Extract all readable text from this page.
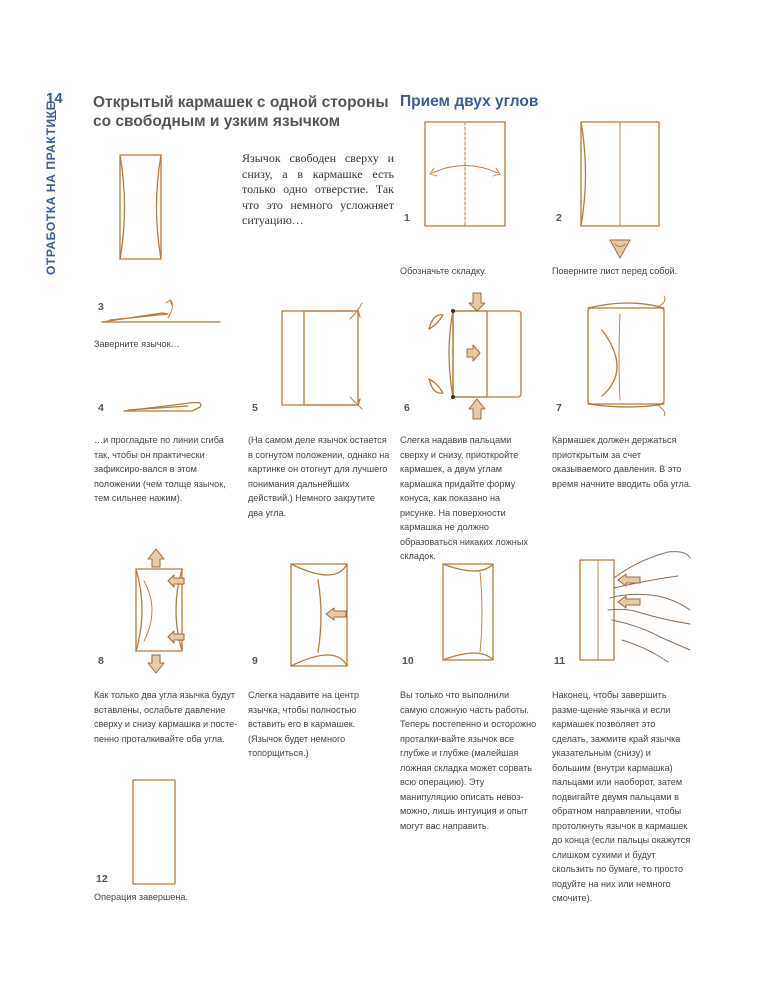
14
ОТРАБОТКА НА ПРАКТИКЕ Открытый кармашек с одной стороны со свободным и узким язычком
Прием двух углов
Язычок свободен сверху и снизу, а в кармашке есть только одно отверстие. Так что это немного усложняет ситуацию…	1	2
3
4	5	6	7
8	9	10	11
12
Обозначьте складку.	Поверните лист перед собой.
Заверните язычок…
…и прогладьте по линии сгиба так, чтобы он практически зафиксиро-вался в этом положении (чем толще язычок, тем сильнее нажим).
(На самом деле язычок остается в согнутом положении, однако на картинке он отогнут для лучшего понимания дальнейших действий.) Немного закрутите два угла.
Слегка надавив пальцами сверху и снизу, приоткройте кармашек, а двум углам кармашка придайте форму конуса, как показано на рисунке. На поверхности кармашка не должно образоваться никаких ложных складок.
Кармашек должен держаться приоткрытым за счет оказываемого давления. В это время начните вводить оба угла.
Как только два угла язычка будут вставлены, ослабьте давление сверху и снизу кармашка и посте-пенно проталкивайте оба угла.
Слегка надавите на центр язычка, чтобы полностью вставить его в кармашек. (Язычок будет немного топорщиться.)
Вы только что выполнили самую сложную часть работы. Теперь постепенно и осторожно проталки-вайте язычок все глубже и глубже (малейшая ложная складка может сорвать всю операцию). Эту манипуляцию описать невоз-можно, лишь интуиция и опыт могут вас направить.
Наконец, чтобы завершить разме-щение язычка и если кармашек позволяет это сделать, зажмите край язычка указательным (снизу) и большим (внутри кармашка) пальцами или наоборот, затем подвигайте двумя пальцами в обратном направлении, чтобы протолкнуть язычок в кармашек до конца (если пальцы окажутся слишком сухими и будут скользить по бумаге, то просто подуйте на них или немного смочите).
Операция завершена.
